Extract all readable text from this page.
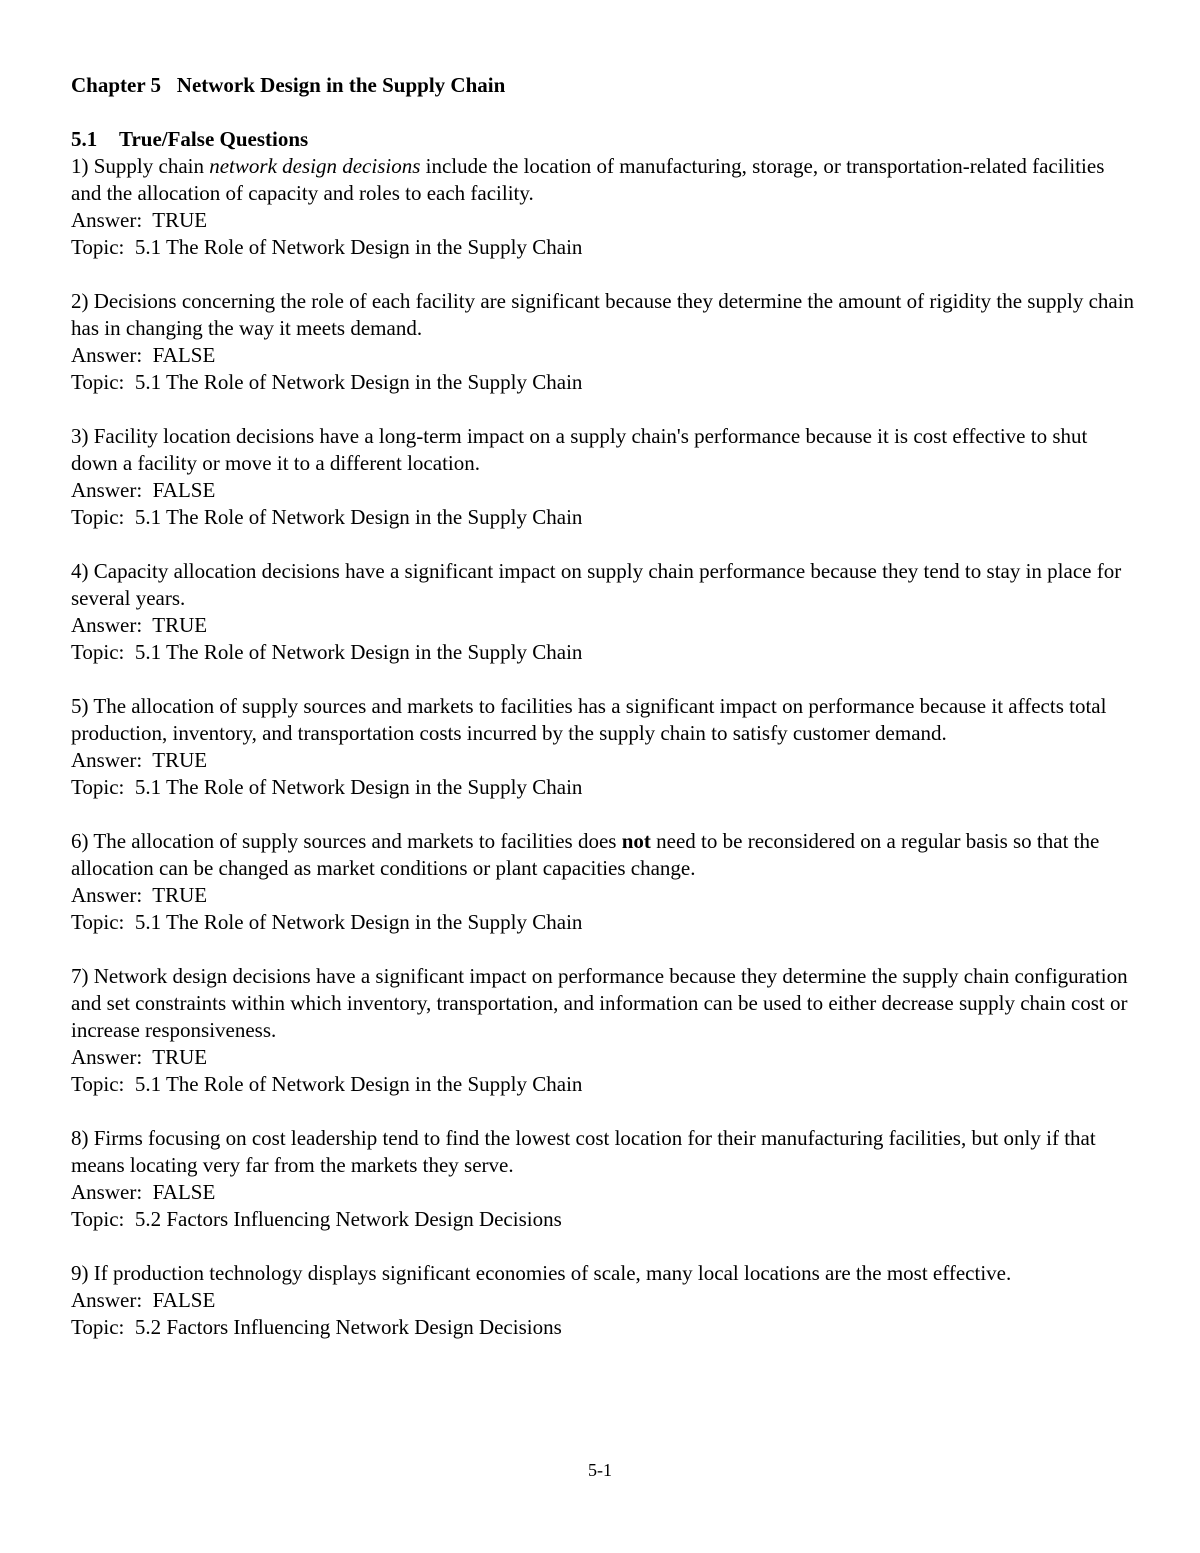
Chapter 5   Network Design in the Supply Chain

5.1 True/False Questions

1) Supply chain network design decisions include the location of manufacturing, storage, or transportation-related facilities and the allocation of capacity and roles to each facility.

Answer:  TRUE

Topic:  5.1 The Role of Network Design in the Supply Chain

2) Decisions concerning the role of each facility are significant because they determine the amount of rigidity the supply chain has in changing the way it meets demand.

Answer:  FALSE

Topic:  5.1 The Role of Network Design in the Supply Chain

3) Facility location decisions have a long-term impact on a supply chain's performance because it is cost effective to shut down a facility or move it to a different location.

Answer:  FALSE

Topic:  5.1 The Role of Network Design in the Supply Chain

4) Capacity allocation decisions have a significant impact on supply chain performance because they tend to stay in place for several years.

Answer:  TRUE

Topic:  5.1 The Role of Network Design in the Supply Chain

5) The allocation of supply sources and markets to facilities has a significant impact on performance because it affects total production, inventory, and transportation costs incurred by the supply chain to satisfy customer demand.

Answer:  TRUE

Topic:  5.1 The Role of Network Design in the Supply Chain

6) The allocation of supply sources and markets to facilities does not need to be reconsidered on a regular basis so that the allocation can be changed as market conditions or plant capacities change.

Answer:  TRUE

Topic:  5.1 The Role of Network Design in the Supply Chain

7) Network design decisions have a significant impact on performance because they determine the supply chain configuration and set constraints within which inventory, transportation, and information can be used to either decrease supply chain cost or increase responsiveness.

Answer:  TRUE

Topic:  5.1 The Role of Network Design in the Supply Chain

8) Firms focusing on cost leadership tend to find the lowest cost location for their manufacturing facilities, but only if that means locating very far from the markets they serve.

Answer:  FALSE

Topic:  5.2 Factors Influencing Network Design Decisions

9) If production technology displays significant economies of scale, many local locations are the most effective.

Answer:  FALSE

Topic:  5.2 Factors Influencing Network Design Decisions

5-1
